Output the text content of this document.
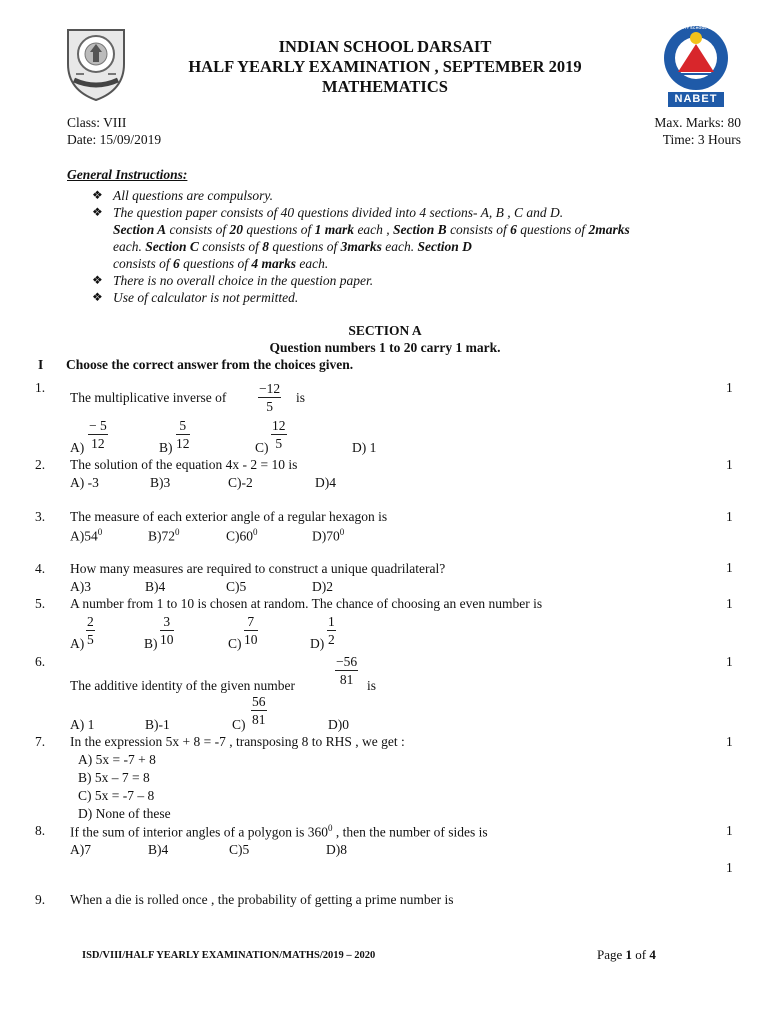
QUALITY SCHOOL GOVERNANCE
NABET
INDIAN SCHOOL DARSAIT
HALF YEARLY EXAMINATION , SEPTEMBER 2019
MATHEMATICS
Class: VIII
Date: 15/09/2019
Max. Marks: 80
Time: 3 Hours
General Instructions:
❖ All questions are compulsory.
❖ The question paper consists of 40 questions divided into 4 sections- A, B , C and D.
Section A consists of 20 questions of 1 mark each , Section B consists of 6 questions of 2marks
each. Section C consists of 8 questions of 3marks each. Section D
consists of 6 questions of 4 marks each.
❖ There is no overall choice in the question paper.
❖ Use of calculator is not permitted.
SECTION A
Question numbers 1 to 20 carry 1 mark.
I Choose the correct answer from the choices given.
1.
The multiplicative inverse of $\frac{-12}{5}$ is
1
$A) \frac{- 5}{12}$	$B) \frac{5}{12}$	$C) \frac{12}{5}$	D) 1
2. The solution of the equation 4x - 2 = 10 is	1
A) -3	B)3	C)-2	D)4
3. The measure of each exterior angle of a regular hexagon is	1
$A)54^0$	$B)72^0$	$C)60^0$	$D)70^0$
4. How many measures are required to construct a unique quadrilateral?	1
A)3	B)4	C)5	D)2
5. A number from 1 to 10 is chosen at random. The chance of choosing an even number is	1
$A) \frac{2}{5}$	$B) \frac{3}{10}$	$C) \frac{7}{10}$	$D) \frac{1}{2}$
6.	$\frac{-56}{81}$
The additive identity of the given number	is
1
A) 1	B)-1	$C) \frac{56}{81}$	D)0
7. In the expression 5x + 8 = -7 , transposing 8 to RHS , we get :	1
A) 5x = -7 + 8
B) 5x – 7 = 8
C) 5x = -7 – 8
D) None of these
8. If the sum of interior angles of a polygon is $360^0$ , then the number of sides is	1
A)7	B)4	C)5	D)8
1
9. When a die is rolled once , the probability of getting a prime number is
ISD/VIII/HALF YEARLY EXAMINATION/MATHS/2019 – 2020	Page 1 of 4
